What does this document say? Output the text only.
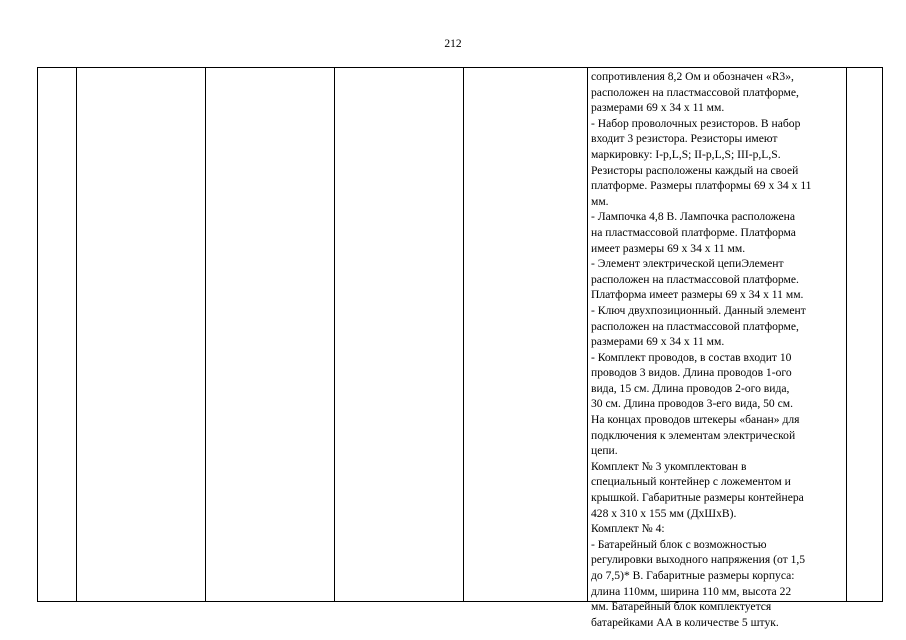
212
сопротивления 8,2 Ом и обозначен «R3»,
расположен на пластмассовой платформе,
размерами 69 х 34 х 11 мм.
- Набор проволочных резисторов. В набор
входит 3 резистора. Резисторы имеют
маркировку: I-p,L,S; II-p,L,S; III-p,L,S.
Резисторы расположены каждый на своей
платформе. Размеры платформы 69 х 34 х 11
мм.
- Лампочка 4,8 В. Лампочка расположена
на пластмассовой платформе. Платформа
имеет размеры 69 х 34 х 11 мм.
- Элемент электрической цепиЭлемент
расположен на пластмассовой платформе.
Платформа имеет размеры 69 х 34 х 11 мм.
- Ключ двухпозиционный. Данный элемент
расположен на пластмассовой платформе,
размерами 69 х 34 х 11 мм.
- Комплект проводов, в состав входит 10
проводов 3 видов. Длина проводов 1-ого
вида, 15 см. Длина проводов 2-ого вида,
30 см. Длина проводов 3-его вида, 50 см.
На концах проводов штекеры «банан» для
подключения к элементам электрической
цепи.
Комплект № 3 укомплектован в
специальный контейнер с ложементом и
крышкой. Габаритные размеры контейнера
428 х 310 х 155 мм (ДхШхВ).
Комплект № 4:
- Батарейный блок с возможностью
регулировки выходного напряжения (от 1,5
до 7,5)* В. Габаритные размеры корпуса:
длина 110мм, ширина 110 мм, высота 22
мм. Батарейный блок комплектуется
батарейками АА в количестве 5 штук.
